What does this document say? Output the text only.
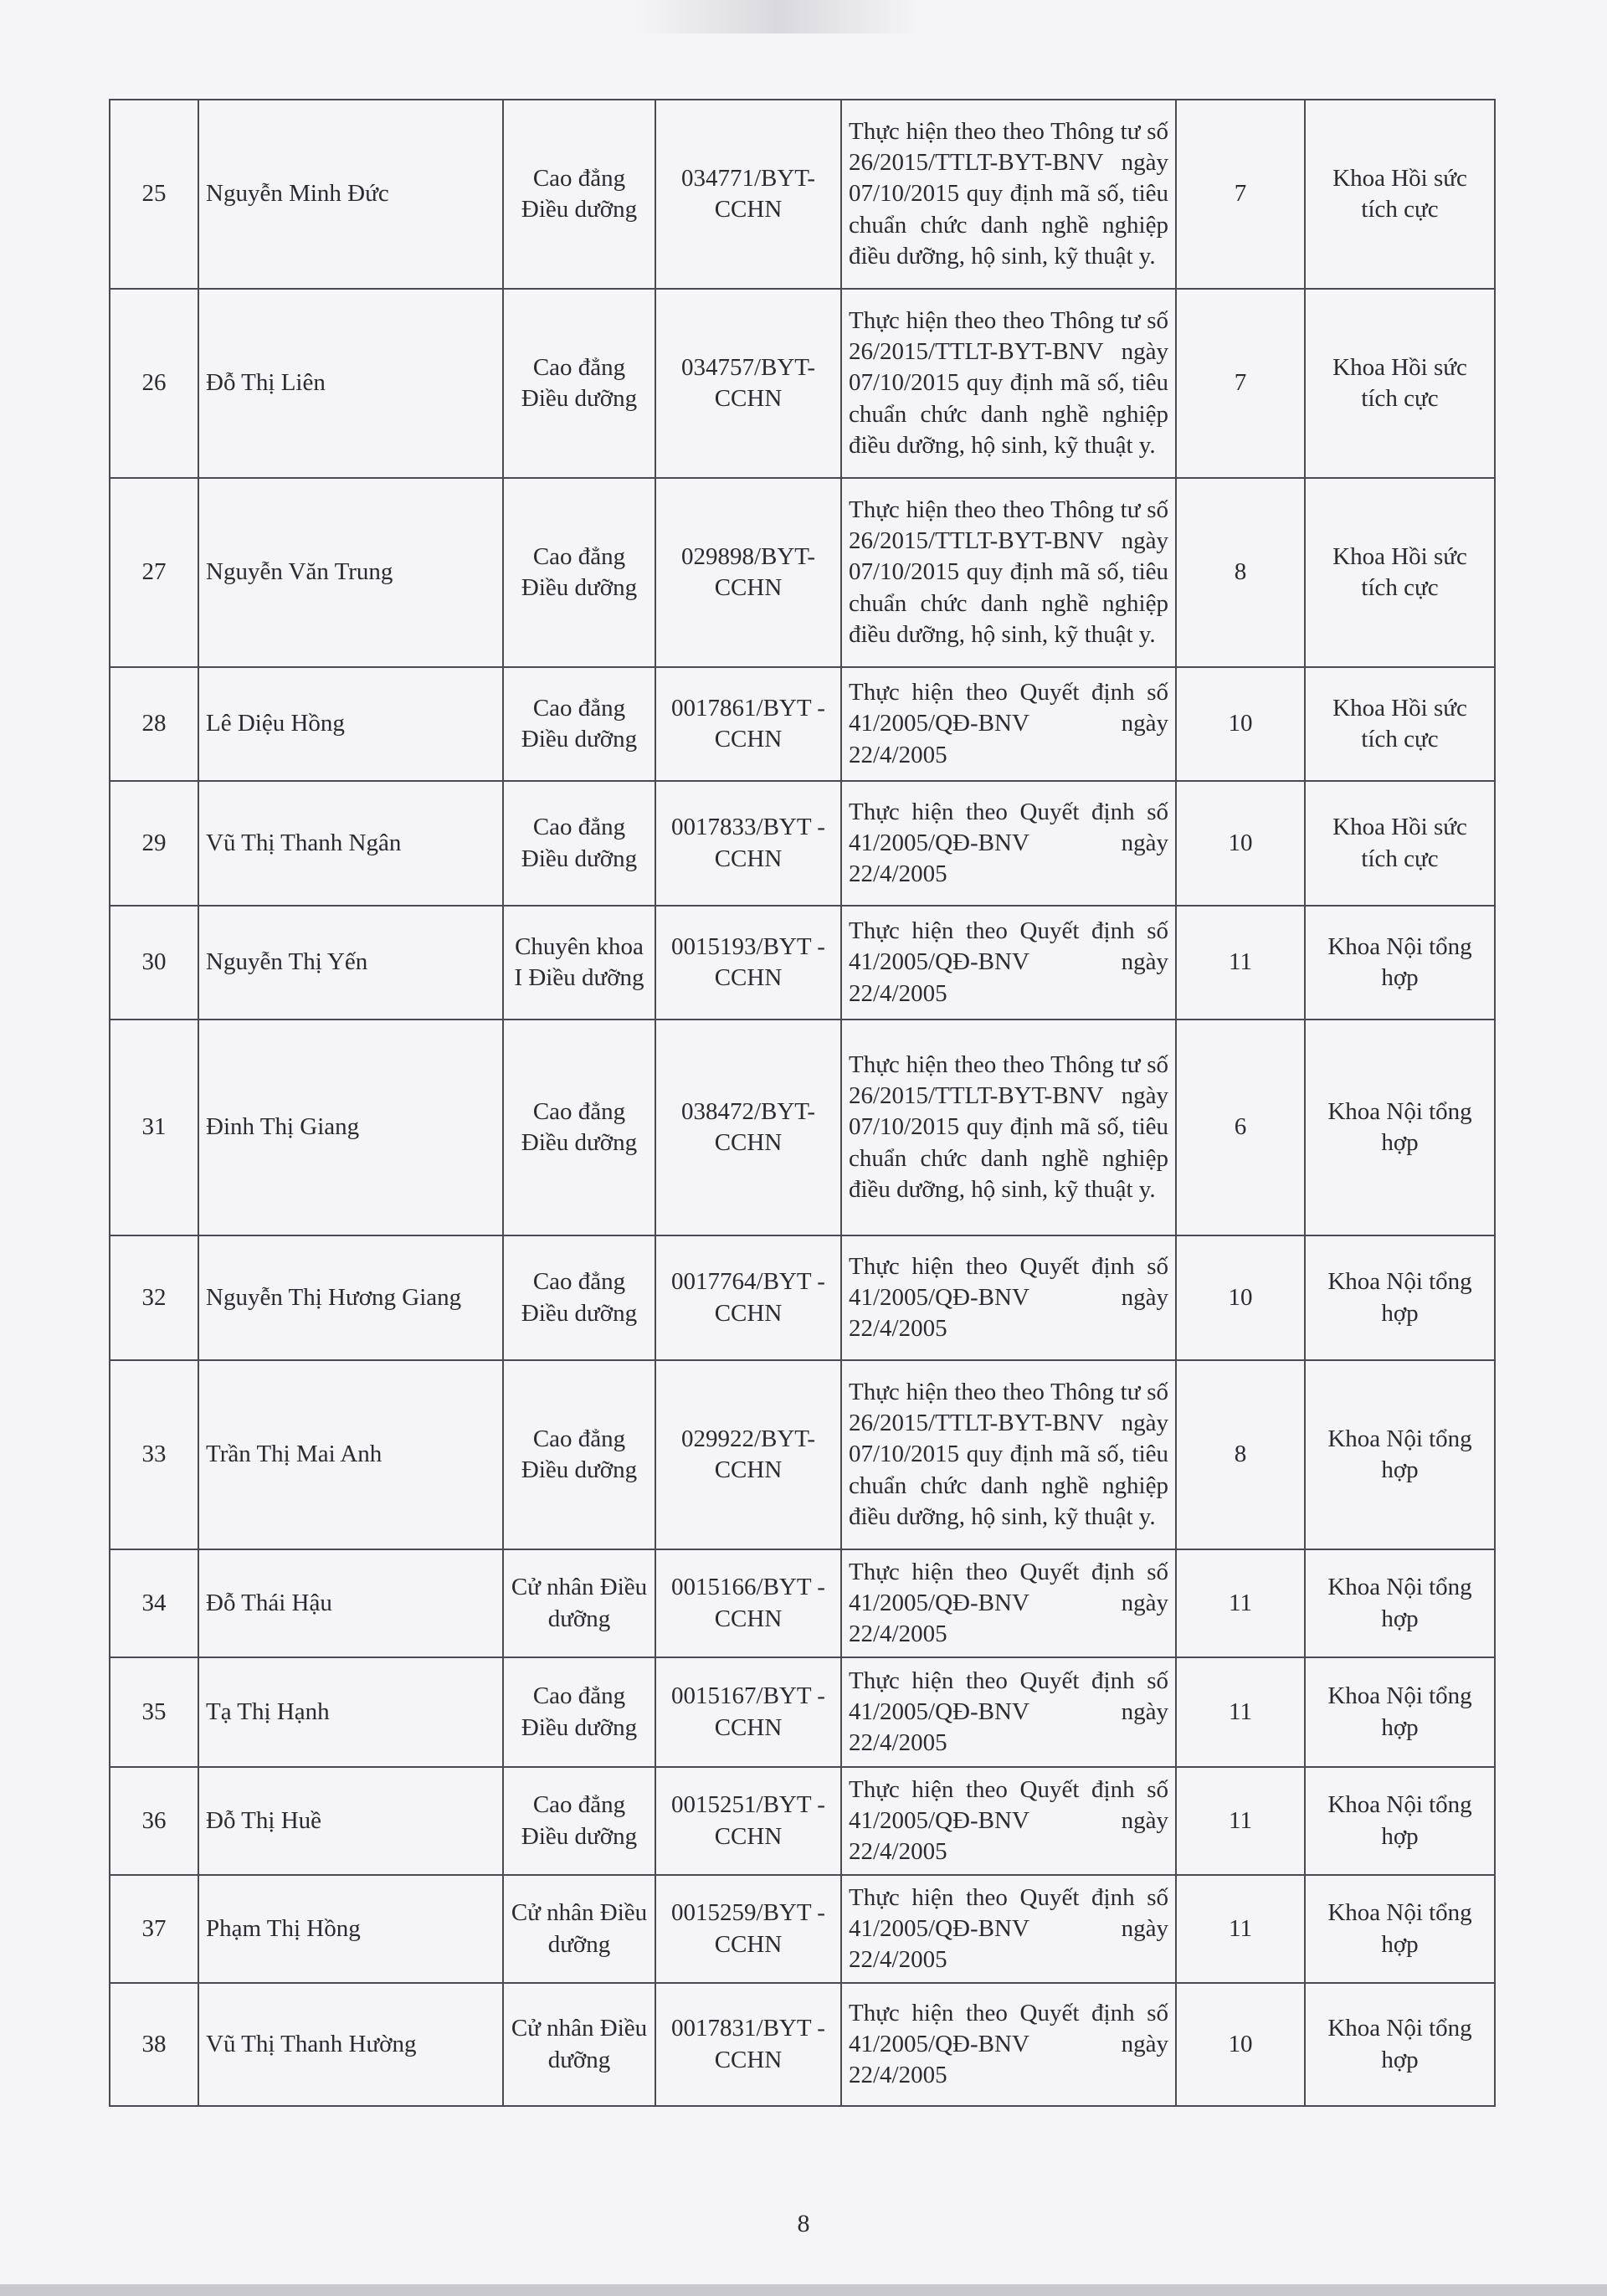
25	Nguyễn Minh Đức	Cao đẳng Điều dưỡng	034771/BYT-CCHN	Thực hiện theo theo Thông tư số 26/2015/TTLT-BYT-BNV ngày 07/10/2015 quy định mã số, tiêu chuẩn chức danh nghề nghiệp điều dưỡng, hộ sinh, kỹ thuật y.	7	Khoa Hồi sức tích cực
26	Đỗ Thị Liên	Cao đẳng Điều dưỡng	034757/BYT-CCHN	Thực hiện theo theo Thông tư số 26/2015/TTLT-BYT-BNV ngày 07/10/2015 quy định mã số, tiêu chuẩn chức danh nghề nghiệp điều dưỡng, hộ sinh, kỹ thuật y.	7	Khoa Hồi sức tích cực
27	Nguyễn Văn Trung	Cao đẳng Điều dưỡng	029898/BYT-CCHN	Thực hiện theo theo Thông tư số 26/2015/TTLT-BYT-BNV ngày 07/10/2015 quy định mã số, tiêu chuẩn chức danh nghề nghiệp điều dưỡng, hộ sinh, kỹ thuật y.	8	Khoa Hồi sức tích cực
28	Lê Diệu Hồng	Cao đẳng Điều dưỡng	0017861/BYT -CCHN	Thực hiện theo Quyết định số 41/2005/QĐ-BNV ngày 22/4/2005	10	Khoa Hồi sức tích cực
29	Vũ Thị Thanh Ngân	Cao đẳng Điều dưỡng	0017833/BYT -CCHN	Thực hiện theo Quyết định số 41/2005/QĐ-BNV ngày 22/4/2005	10	Khoa Hồi sức tích cực
30	Nguyễn Thị Yến	Chuyên khoa I Điều dưỡng	0015193/BYT -CCHN	Thực hiện theo Quyết định số 41/2005/QĐ-BNV ngày 22/4/2005	11	Khoa Nội tổng hợp
31	Đinh Thị Giang	Cao đẳng Điều dưỡng	038472/BYT-CCHN	Thực hiện theo theo Thông tư số 26/2015/TTLT-BYT-BNV ngày 07/10/2015 quy định mã số, tiêu chuẩn chức danh nghề nghiệp điều dưỡng, hộ sinh, kỹ thuật y.	6	Khoa Nội tổng hợp
32	Nguyễn Thị Hương Giang	Cao đẳng Điều dưỡng	0017764/BYT -CCHN	Thực hiện theo Quyết định số 41/2005/QĐ-BNV ngày 22/4/2005	10	Khoa Nội tổng hợp
33	Trần Thị Mai Anh	Cao đẳng Điều dưỡng	029922/BYT-CCHN	Thực hiện theo theo Thông tư số 26/2015/TTLT-BYT-BNV ngày 07/10/2015 quy định mã số, tiêu chuẩn chức danh nghề nghiệp điều dưỡng, hộ sinh, kỹ thuật y.	8	Khoa Nội tổng hợp
34	Đỗ Thái Hậu	Cử nhân Điều dưỡng	0015166/BYT -CCHN	Thực hiện theo Quyết định số 41/2005/QĐ-BNV ngày 22/4/2005	11	Khoa Nội tổng hợp
35	Tạ Thị Hạnh	Cao đẳng Điều dưỡng	0015167/BYT -CCHN	Thực hiện theo Quyết định số 41/2005/QĐ-BNV ngày 22/4/2005	11	Khoa Nội tổng hợp
36	Đỗ Thị Huề	Cao đẳng Điều dưỡng	0015251/BYT -CCHN	Thực hiện theo Quyết định số 41/2005/QĐ-BNV ngày 22/4/2005	11	Khoa Nội tổng hợp
37	Phạm Thị Hồng	Cử nhân Điều dưỡng	0015259/BYT -CCHN	Thực hiện theo Quyết định số 41/2005/QĐ-BNV ngày 22/4/2005	11	Khoa Nội tổng hợp
38	Vũ Thị Thanh Hường	Cử nhân Điều dưỡng	0017831/BYT -CCHN	Thực hiện theo Quyết định số 41/2005/QĐ-BNV ngày 22/4/2005	10	Khoa Nội tổng hợp
8
